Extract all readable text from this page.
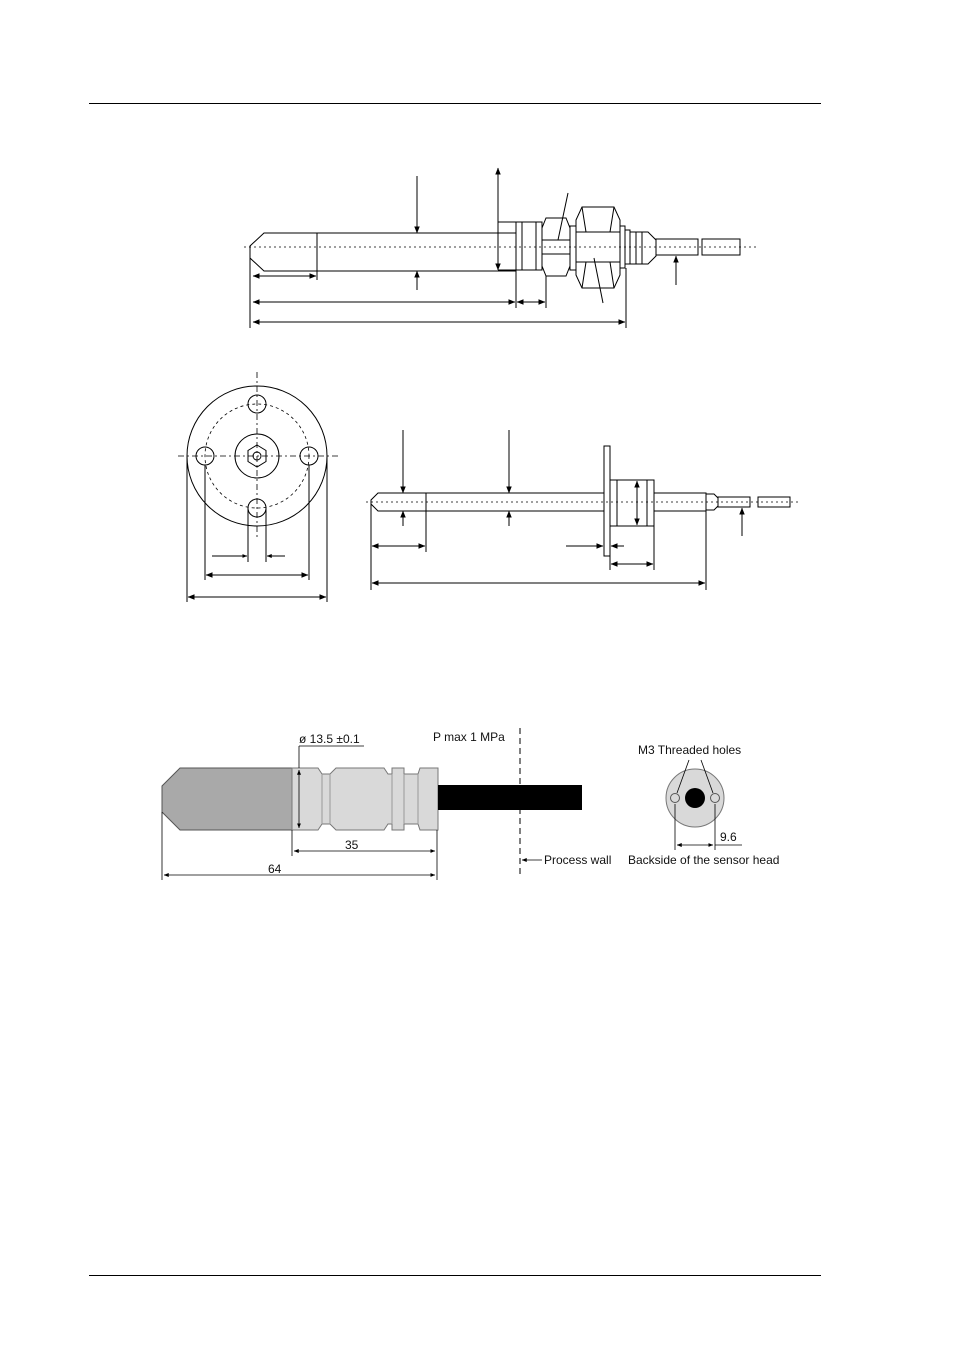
ø 13.5 ±0.1	P max 1 MPa
35
64
Process wall
M3 Threaded holes
9.6
Backside of the sensor head
